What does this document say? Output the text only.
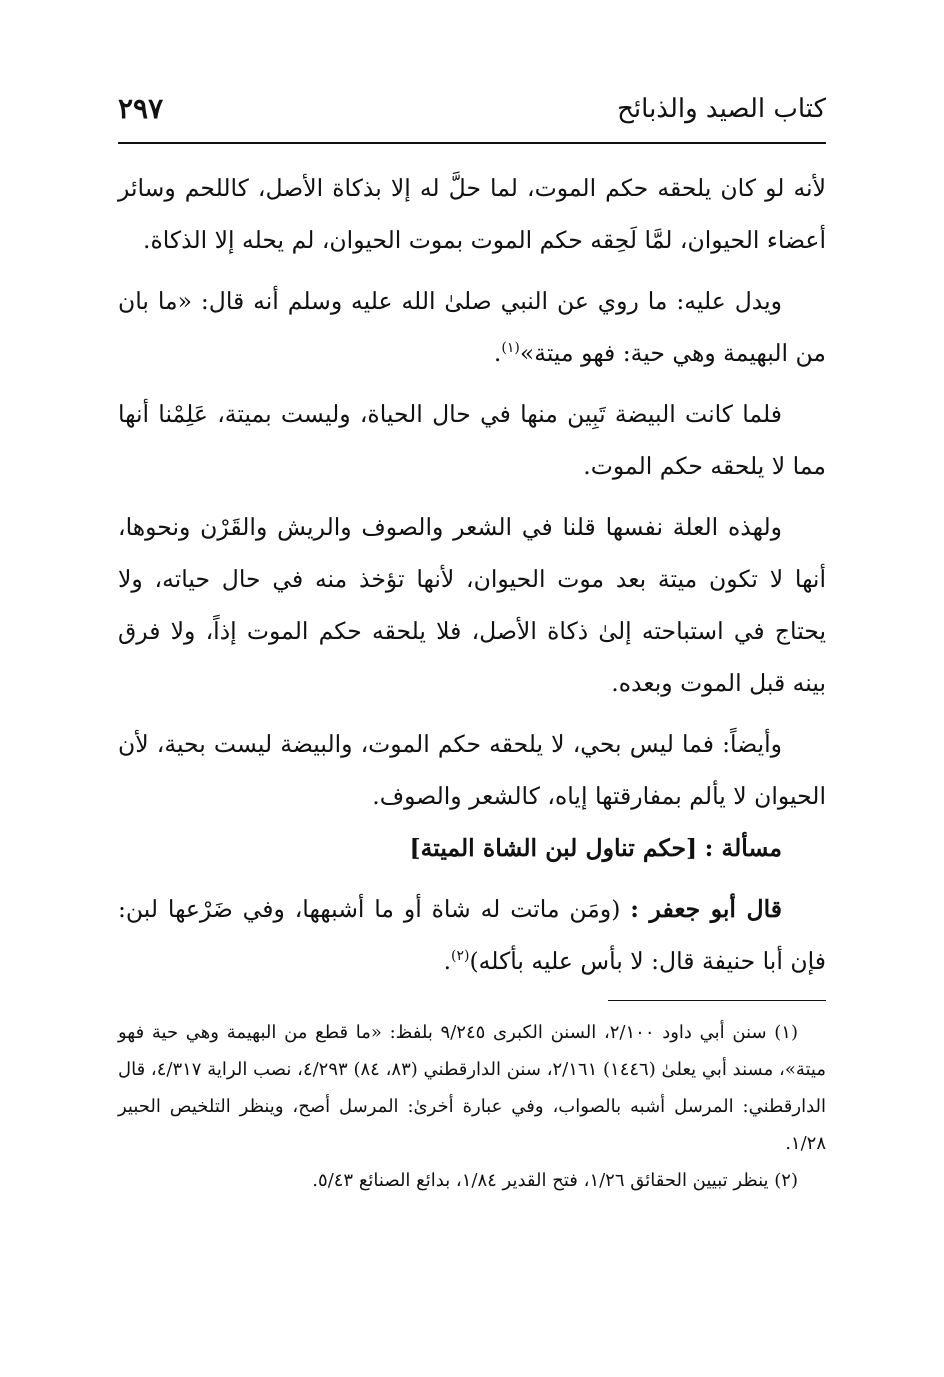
كتاب الصيد والذبائح
٢٩٧

لأنه لو كان يلحقه حكم الموت، لما حلَّ له إلا بذكاة الأصل، كاللحم وسائر أعضاء الحيوان، لمَّا لَحِقه حكم الموت بموت الحيوان، لم يحله إلا الذكاة.

ويدل عليه: ما روي عن النبي صلىٰ الله عليه وسلم أنه قال: «ما بان من البهيمة وهي حية: فهو ميتة»$^{(١)}$.

فلما كانت البيضة تَبِين منها في حال الحياة، وليست بميتة، عَلِمْنا أنها مما لا يلحقه حكم الموت.

ولهذه العلة نفسها قلنا في الشعر والصوف والريش والقَرْن ونحوها، أنها لا تكون ميتة بعد موت الحيوان، لأنها تؤخذ منه في حال حياته، ولا يحتاج في استباحته إلىٰ ذكاة الأصل، فلا يلحقه حكم الموت إذاً، ولا فرق بينه قبل الموت وبعده.

وأيضاً: فما ليس بحي، لا يلحقه حكم الموت، والبيضة ليست بحية، لأن الحيوان لا يألم بمفارقتها إياه، كالشعر والصوف.

مسألة : [حكم تناول لبن الشاة الميتة]

قال أبو جعفر : (ومَن ماتت له شاة أو ما أشبهها، وفي ضَرْعها لبن: فإن أبا حنيفة قال: لا بأس عليه بأكله)$^{(٢)}$.

(١) سنن أبي داود ٢/١٠٠، السنن الكبرى ٩/٢٤٥ بلفظ: «ما قطع من البهيمة وهي حية فهو ميتة»، مسند أبي يعلىٰ (١٤٤٦) ٢/١٦١، سنن الدارقطني (٨٣، ٨٤) ٤/٢٩٣، نصب الراية ٤/٣١٧، قال الدارقطني: المرسل أشبه بالصواب، وفي عبارة أخرىٰ: المرسل أصح، وينظر التلخيص الحبير ١/٢٨.

(٢) ينظر تبيين الحقائق ١/٢٦، فتح القدير ١/٨٤، بدائع الصنائع ٥/٤٣.
